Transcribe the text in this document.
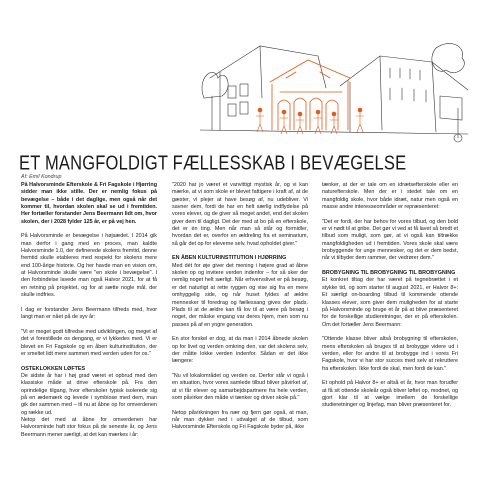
ET MANGFOLDIGT FÆLLESSKAB I BEVÆGELSE
Af: Emil Kondrup

På Halvorsminde Efterskole & Fri Fagskole i Hjørring sidder man ikke stille. Der er nemlig fokus på bevægelse – både i det daglige, men også når det kommer til, hvordan skolen skal se ud i fremtiden. Her fortæller forstander Jens Beermann lidt om, hvor skolen, der i 2028 fylder 125 år, er på vej hen.

På Halvorsminde er bevægelse i højsædet. I 2014 gik man derfor i gang med en proces, man kaldte Halvorsminde 1.0, der definerede skolens fremtid, denne fremtid skulle etableres med respekt for skolens mere end 100-årige historie. Og her havde man en vision om, at Halvorsminde skulle være "en skole i bevægelse". I den forbindelse lavede man også Halvor 2021, for at få en retning på projektet, og for at sætte nogle mål, der skulle indfries.

I dag er forstander Jens Beermann tilfreds med, hvor langt man er nået på de syv år:

"Vi er meget godt tilfredse med udviklingen, og meget af det vi forestillede os dengang, er vi lykkedes med. Vi er blevet en Fri Fagskole og en åben kulturinstitution, der er smeltet lidt mere sammen med verden uden for os."

OSTEKLOKKEN LØFTES

De sidste år har i høj grad været et opbrud med den klassiske måde at drive efterskole på. Fra den oprindelige tilgang, hvor efterskoler typisk isolerede sig på en ædemærk og levede i symbiose med dem, man gik der sammen med – til nu at åbne op for omverdenen og række ud.

Netop det med at åbne for omverdenen har Halvorsminde haft stor fokus på de seneste år, og Jens Beermann mener særligt, at det kan mærkes i år:

"2020 har jo været et vanvittigt mystisk år, og vi kan mærke, at vi som skole er blevet fattigere i kraft af, at de gæster, vi plejer at have besøg af, nu udebliver. Vi savner dem, fordi de har en helt særlig indflydelse på vores elever, og de giver så meget andet, end det skolen giver dem til dagligt. Det der med at bo på en efterskole, det er én ting. Men når man så står og formidler, hvordan det er, overfor en ældreling fra et seminarium, så går det op for eleverne selv, hvad opholdet giver."

EN ÅBEN KULTURINSTITUTION I HJØRRING

Med dét for øje giver det mening i højere grad at åbne skolen op og invitere verden indenfor – for så sker der nemlig noget helt særligt. Når erhvervslivet er på besøg, er det naturligt at rette ryggen og vise sig fra en mere omhyggelig side, og når huset fyldes af ældre mennesker til foredrag og fællessang gives der plads. Plads til at de ældre kan få lov til at være på besøg i noget, der måske engang var deres hjem, men som nu passes på af en yngre generation.

En stor forskel er dog, at da man i 2014 åbnede skolen op for livet og verden omkring den, var det skolens selv, der måtte lokke verden indenfor. Sådan er det ikke længere:

"Nu vil lokalområdet og verden os. Derfor står vi også i en situation, hvor vores samlede tilbud bliver påvirket af, at vi får elever og samarbejdspartnere fra hele verden, som påvirker den måde vi tænker og driver skole på."

Netop påvirkningen fra nær og fjern gør også, at man, når man dykker ned i udvalget af de tilbud, som Halvorsminde Efterskole og Fri Fagskole byder på, ikke

tænker, at der er tale om en idrætsefterskole eller en naturefterskole. Men der er i stedet tale om en mangfoldig skole, hvor både idræt, natur men også en masse andre interesseområder er repræsenteret:

"Det er fordi, der har behov for vores tilbud, og den bold er vi nødt til at gribe. Det gør vi ved at få lavet så bredt et tilbud som muligt, som gør, at vi også kan tiltrække mangfoldigheden ud i fremtiden. Vores skole skal være brobyggende for unge mennesker, og det er dem bedst, når vi tilbyder dem rammer, der vedrører dem."

BROBYGNING TIL BROBYGNING TIL BROBYGNING

Et konkret tiltag der har været på tegnebrættet i et stykke tid, og som starter til august 2021, er Halvor 8+: Et særligt on-boarding tilbud til kommende ottende klasses elever, som giver dem muligheden for at starte på Halvorsminde og bruge et år på at blive præsenteret for de forskellige studieretninger, der er på efterskolen. Om det fortæller Jens Beermann:

"Ottende klasse bliver altså brobygning til efterskolen, mens efterskolen så bruges til at brobygge videre ud i verden, eller for andre til at brobygge ind i vores Fri Fagskole, hvor vi har stor succes med selv at rekruttere fra efterskolen. Ikke fordi de skal, men fordi de kan."

Et ophold på Halvor 8+ er altså et år, hvor man forudfer at få sit ottende skoleår også bliver løftet op, modnet, og gjort klar til at vælge imellem de forskellige studieretninger og linjefag, man bliver præsenteret for.
